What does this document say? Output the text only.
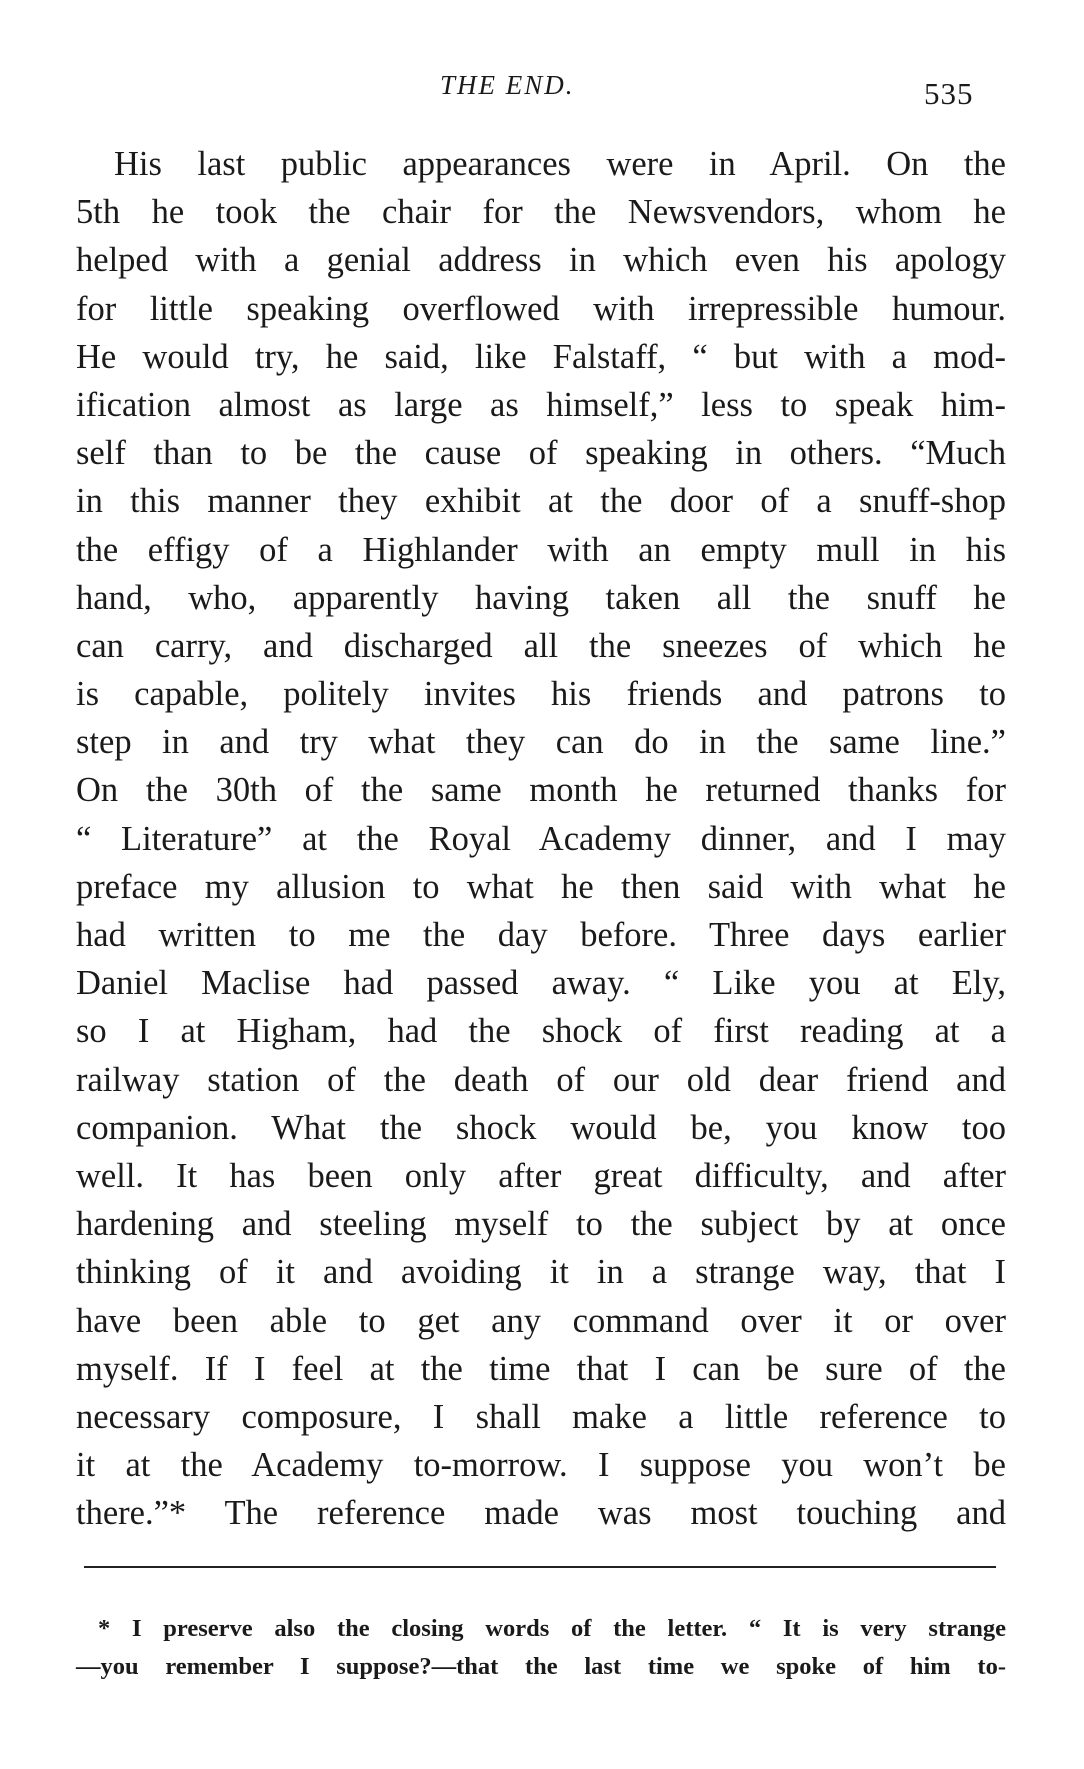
THE END.	535
His last public appearances were in April. On the
5th he took the chair for the Newsvendors, whom he
helped with a genial address in which even his apology
for little speaking overflowed with irrepressible humour.
He would try, he said, like Falstaff, “ but with a mod-
ification almost as large as himself,” less to speak him-
self than to be the cause of speaking in others. “Much
in this manner they exhibit at the door of a snuff-shop
the effigy of a Highlander with an empty mull in his
hand, who, apparently having taken all the snuff he
can carry, and discharged all the sneezes of which he
is capable, politely invites his friends and patrons to
step in and try what they can do in the same line.”
On the 30th of the same month he returned thanks for
“ Literature” at the Royal Academy dinner, and I may
preface my allusion to what he then said with what he
had written to me the day before. Three days earlier
Daniel Maclise had passed away. “ Like you at Ely,
so I at Higham, had the shock of first reading at a
railway station of the death of our old dear friend and
companion. What the shock would be, you know too
well. It has been only after great difficulty, and after
hardening and steeling myself to the subject by at once
thinking of it and avoiding it in a strange way, that I
have been able to get any command over it or over
myself. If I feel at the time that I can be sure of the
necessary composure, I shall make a little reference to
it at the Academy to-morrow. I suppose you won’t be
there.”* The reference made was most touching and
* I preserve also the closing words of the letter. “ It is very strange
—you remember I suppose?—that the last time we spoke of him to-
